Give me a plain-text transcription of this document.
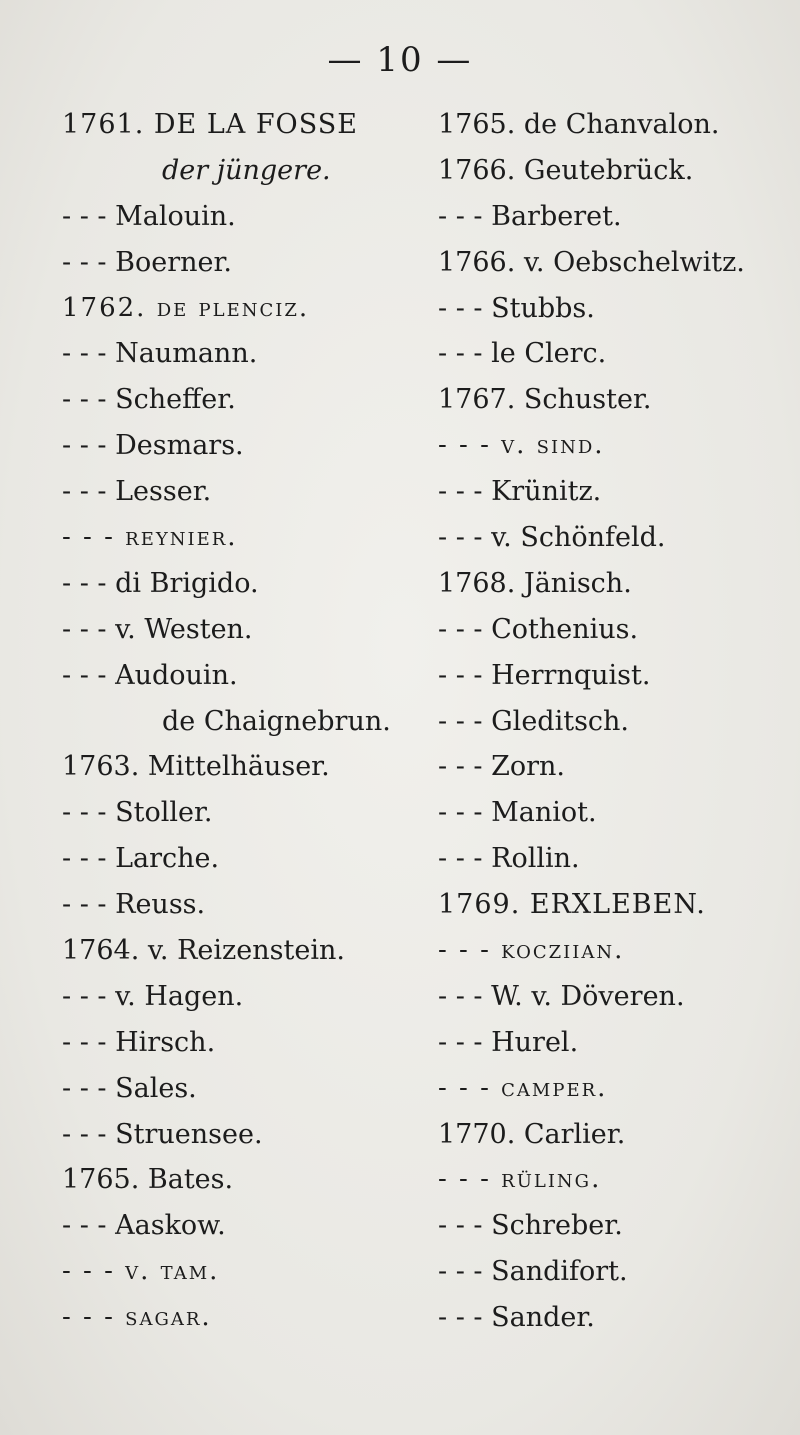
— 10 —
1761. DE LA FOSSE
der jüngere.
- - - Malouin.
- - - Boerner.
1762. de plenciz.
- - - Naumann.
- - - Scheffer.
- - - Desmars.
- - - Lesser.
- - - reynier.
- - - di Brigido.
- - - v. Westen.
- - - Audouin.
de Chaignebrun.
1763. Mittelhäuser.
- - - Stoller.
- - - Larche.
- - - Reuss.
1764. v. Reizenstein.
- - - v. Hagen.
- - - Hirsch.
- - - Sales.
- - - Struensee.
1765. Bates.
- - - Aaskow.
- - - v. tam.
- - - sagar.
1765. de Chanvalon.
1766. Geutebrück.
- - - Barberet.
1766. v. Oebschelwitz.
- - - Stubbs.
- - - le Clerc.
1767. Schuster.
- - - v. sind.
- - - Krünitz.
- - - v. Schönfeld.
1768. Jänisch.
- - - Cothenius.
- - - Herrnquist.
- - - Gleditsch.
- - - Zorn.
- - - Maniot.
- - - Rollin.
1769. ERXLEBEN.
- - - kocziian.
- - - W. v. Döveren.
- - - Hurel.
- - - camper.
1770. Carlier.
- - - rüling.
- - - Schreber.
- - - Sandifort.
- - - Sander.
